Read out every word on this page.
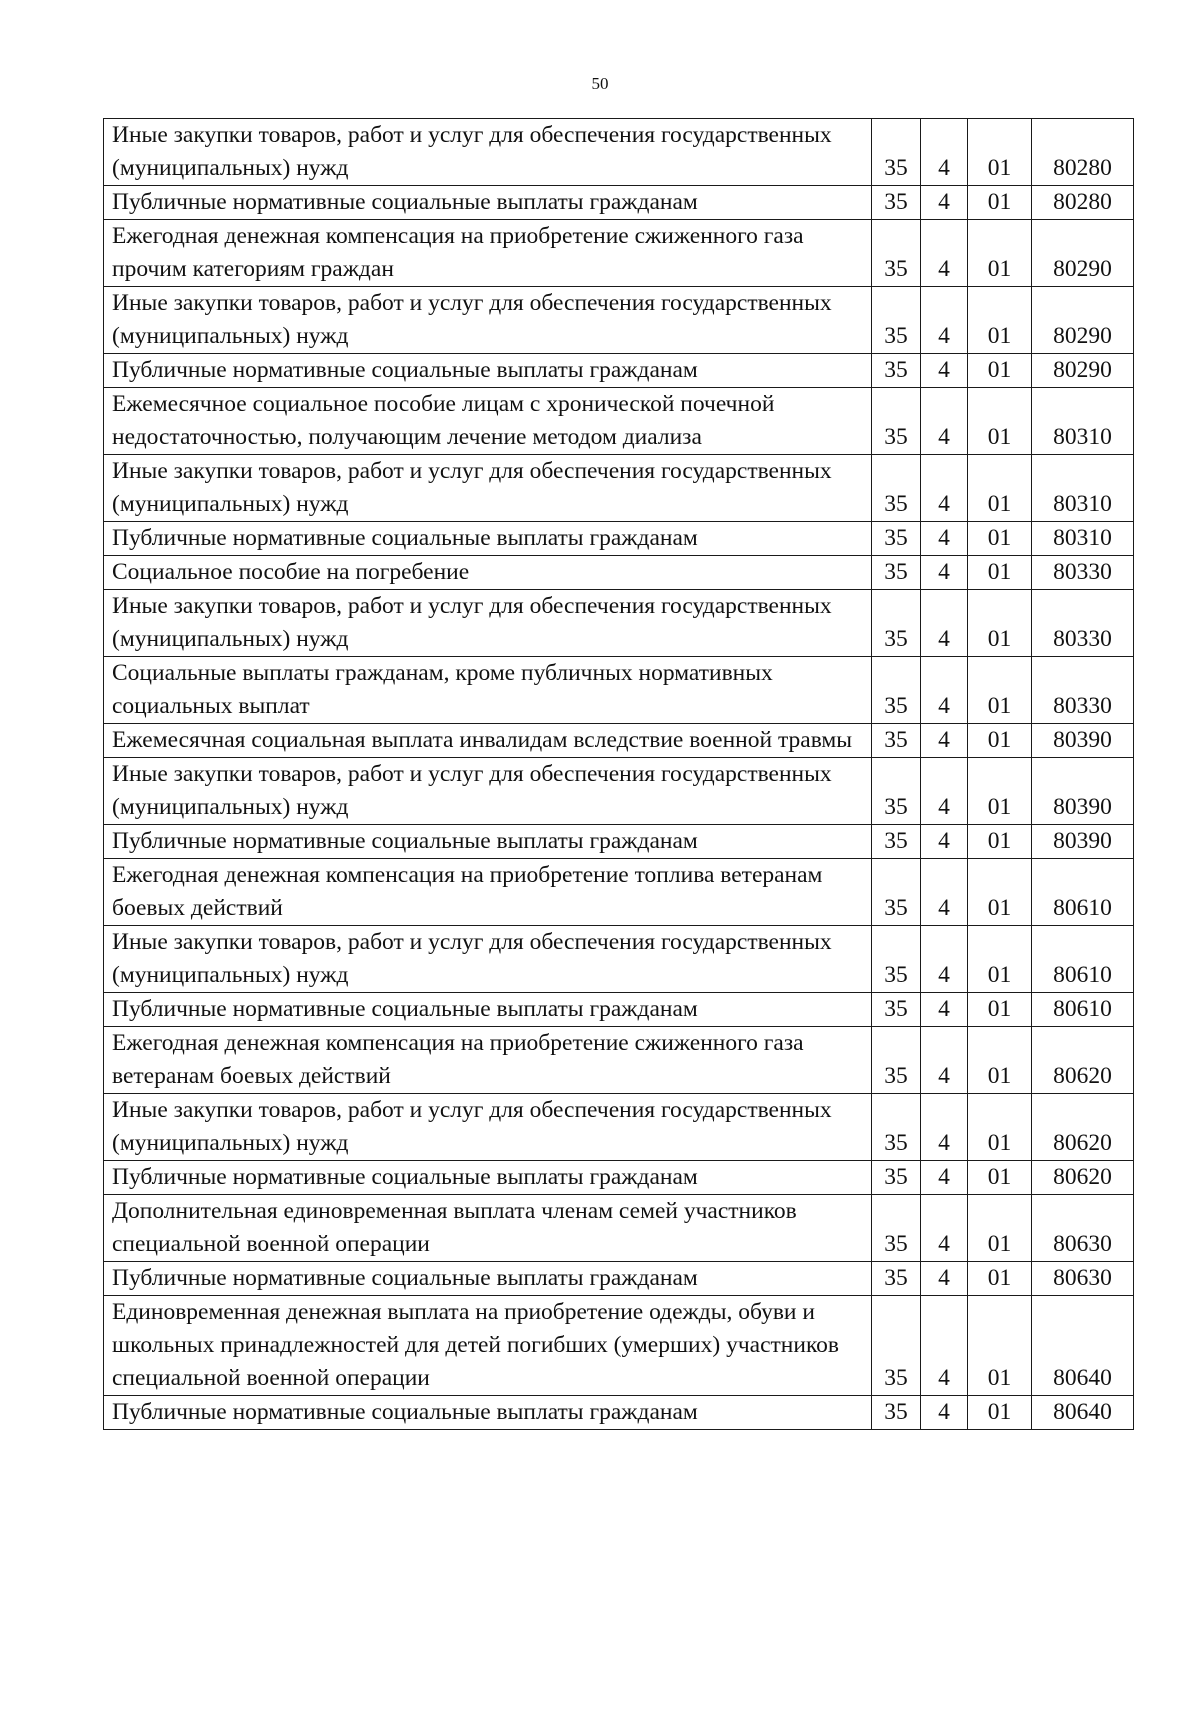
50
Иные закупки товаров, работ и услуг для обеспечения государственных (муниципальных) нужд	35	4	01	80280
Публичные нормативные социальные выплаты гражданам	35	4	01	80280
Ежегодная денежная компенсация на приобретение сжиженного газа прочим категориям граждан	35	4	01	80290
Иные закупки товаров, работ и услуг для обеспечения государственных (муниципальных) нужд	35	4	01	80290
Публичные нормативные социальные выплаты гражданам	35	4	01	80290
Ежемесячное социальное пособие лицам с хронической почечной недостаточностью, получающим лечение методом диализа	35	4	01	80310
Иные закупки товаров, работ и услуг для обеспечения государственных (муниципальных) нужд	35	4	01	80310
Публичные нормативные социальные выплаты гражданам	35	4	01	80310
Социальное пособие на погребение	35	4	01	80330
Иные закупки товаров, работ и услуг для обеспечения государственных (муниципальных) нужд	35	4	01	80330
Социальные выплаты гражданам, кроме публичных нормативных социальных выплат	35	4	01	80330
Ежемесячная социальная выплата инвалидам вследствие военной травмы	35	4	01	80390
Иные закупки товаров, работ и услуг для обеспечения государственных (муниципальных) нужд	35	4	01	80390
Публичные нормативные социальные выплаты гражданам	35	4	01	80390
Ежегодная денежная компенсация на приобретение топлива ветеранам боевых действий	35	4	01	80610
Иные закупки товаров, работ и услуг для обеспечения государственных (муниципальных) нужд	35	4	01	80610
Публичные нормативные социальные выплаты гражданам	35	4	01	80610
Ежегодная денежная компенсация на приобретение сжиженного газа ветеранам боевых действий	35	4	01	80620
Иные закупки товаров, работ и услуг для обеспечения государственных (муниципальных) нужд	35	4	01	80620
Публичные нормативные социальные выплаты гражданам	35	4	01	80620
Дополнительная единовременная выплата членам семей участников специальной военной операции	35	4	01	80630
Публичные нормативные социальные выплаты гражданам	35	4	01	80630
Единовременная денежная выплата на приобретение одежды, обуви и школьных принадлежностей для детей погибших (умерших) участников специальной военной операции	35	4	01	80640
Публичные нормативные социальные выплаты гражданам	35	4	01	80640
